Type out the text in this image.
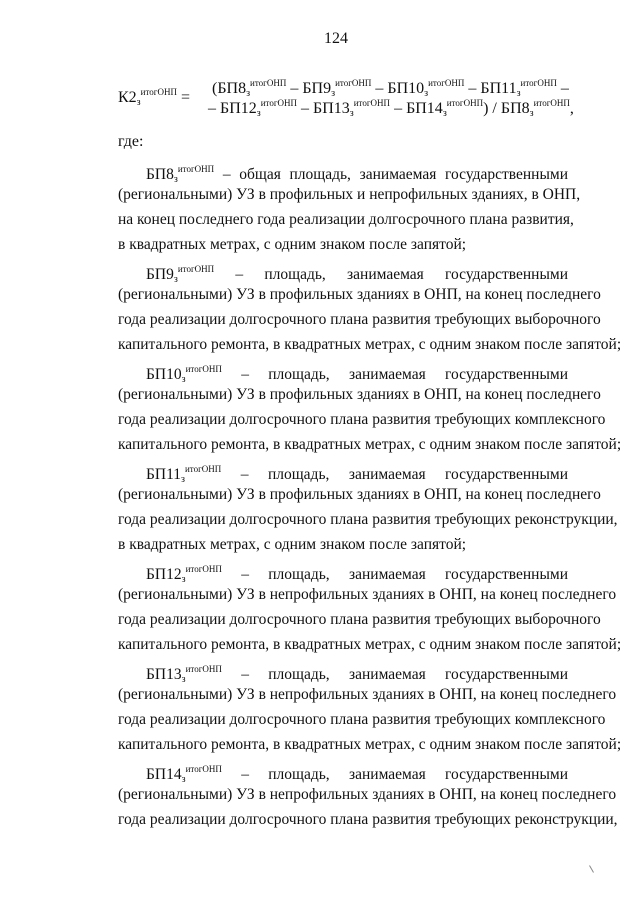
124
$К2_з^{итогОНП}$ =
($БП8_з^{итогОНП} - БП9_з^{итогОНП} - БП10_з^{итогОНП} - БП11_з^{итогОНП}$ –
– $БП12_з^{итогОНП} - БП13_з^{итогОНП} - БП14_з^{итогОНП}) / БП8_з^{итогОНП}$,
где:
$БП8_з^{итогОНП}$ – общая площадь, занимаемая государственными
(региональными) УЗ в профильных и непрофильных зданиях, в ОНП,
на конец последнего года реализации долгосрочного плана развития,
в квадратных метрах, с одним знаком после запятой;
$БП9_з^{итогОНП}$ – площадь, занимаемая государственными
(региональными) УЗ в профильных зданиях в ОНП, на конец последнего
года реализации долгосрочного плана развития требующих выборочного
капитального ремонта, в квадратных метрах, с одним знаком после запятой;
$БП10_з^{итогОНП}$ – площадь, занимаемая государственными
(региональными) УЗ в профильных зданиях в ОНП, на конец последнего
года реализации долгосрочного плана развития требующих комплексного
капитального ремонта, в квадратных метрах, с одним знаком после запятой;
$БП11_з^{итогОНП}$ – площадь, занимаемая государственными
(региональными) УЗ в профильных зданиях в ОНП, на конец последнего
года реализации долгосрочного плана развития требующих реконструкции,
в квадратных метрах, с одним знаком после запятой;
$БП12_з^{итогОНП}$ – площадь, занимаемая государственными
(региональными) УЗ в непрофильных зданиях в ОНП, на конец последнего
года реализации долгосрочного плана развития требующих выборочного
капитального ремонта, в квадратных метрах, с одним знаком после запятой;
$БП13_з^{итогОНП}$ – площадь, занимаемая государственными
(региональными) УЗ в непрофильных зданиях в ОНП, на конец последнего
года реализации долгосрочного плана развития требующих комплексного
капитального ремонта, в квадратных метрах, с одним знаком после запятой;
$БП14_з^{итогОНП}$ – площадь, занимаемая государственными
(региональными) УЗ в непрофильных зданиях в ОНП, на конец последнего
года реализации долгосрочного плана развития требующих реконструкции,
